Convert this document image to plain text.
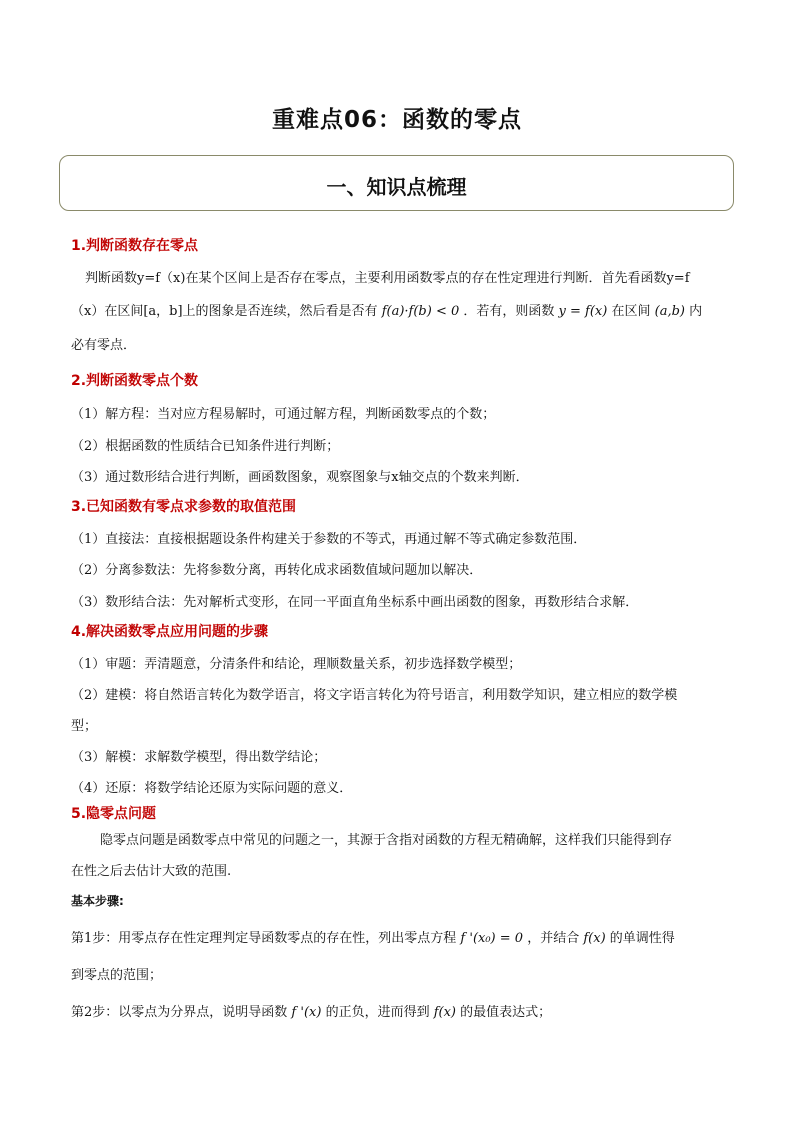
重难点06：函数的零点
一、知识点梳理
1.判断函数存在零点
判断函数y=f（x)在某个区间上是否存在零点，主要利用函数零点的存在性定理进行判断．首先看函数y=f
（x）在区间[a，b]上的图象是否连续，然后看是否有 f(a)·f(b) < 0 ．若有，则函数 y = f(x) 在区间 (a,b) 内
必有零点．
2.判断函数零点个数
（1）解方程：当对应方程易解时，可通过解方程，判断函数零点的个数；
（2）根据函数的性质结合已知条件进行判断；
（3）通过数形结合进行判断，画函数图象，观察图象与x轴交点的个数来判断．
3.已知函数有零点求参数的取值范围
（1）直接法：直接根据题设条件构建关于参数的不等式，再通过解不等式确定参数范围．
（2）分离参数法：先将参数分离，再转化成求函数值域问题加以解决．
（3）数形结合法：先对解析式变形，在同一平面直角坐标系中画出函数的图象，再数形结合求解．
4.解决函数零点应用问题的步骤
（1）审题：弄清题意，分清条件和结论，理顺数量关系，初步选择数学模型；
（2）建模：将自然语言转化为数学语言，将文字语言转化为符号语言，利用数学知识，建立相应的数学模
型；
（3）解模：求解数学模型，得出数学结论；
（4）还原：将数学结论还原为实际问题的意义．
5.隐零点问题
隐零点问题是函数零点中常见的问题之一，其源于含指对函数的方程无精确解，这样我们只能得到存
在性之后去估计大致的范围.
基本步骤:
第1步：用零点存在性定理判定导函数零点的存在性，列出零点方程 f '(x₀) = 0 ，并结合 f(x) 的单调性得
到零点的范围；
第2步：以零点为分界点，说明导函数 f '(x) 的正负，进而得到 f(x) 的最值表达式；
